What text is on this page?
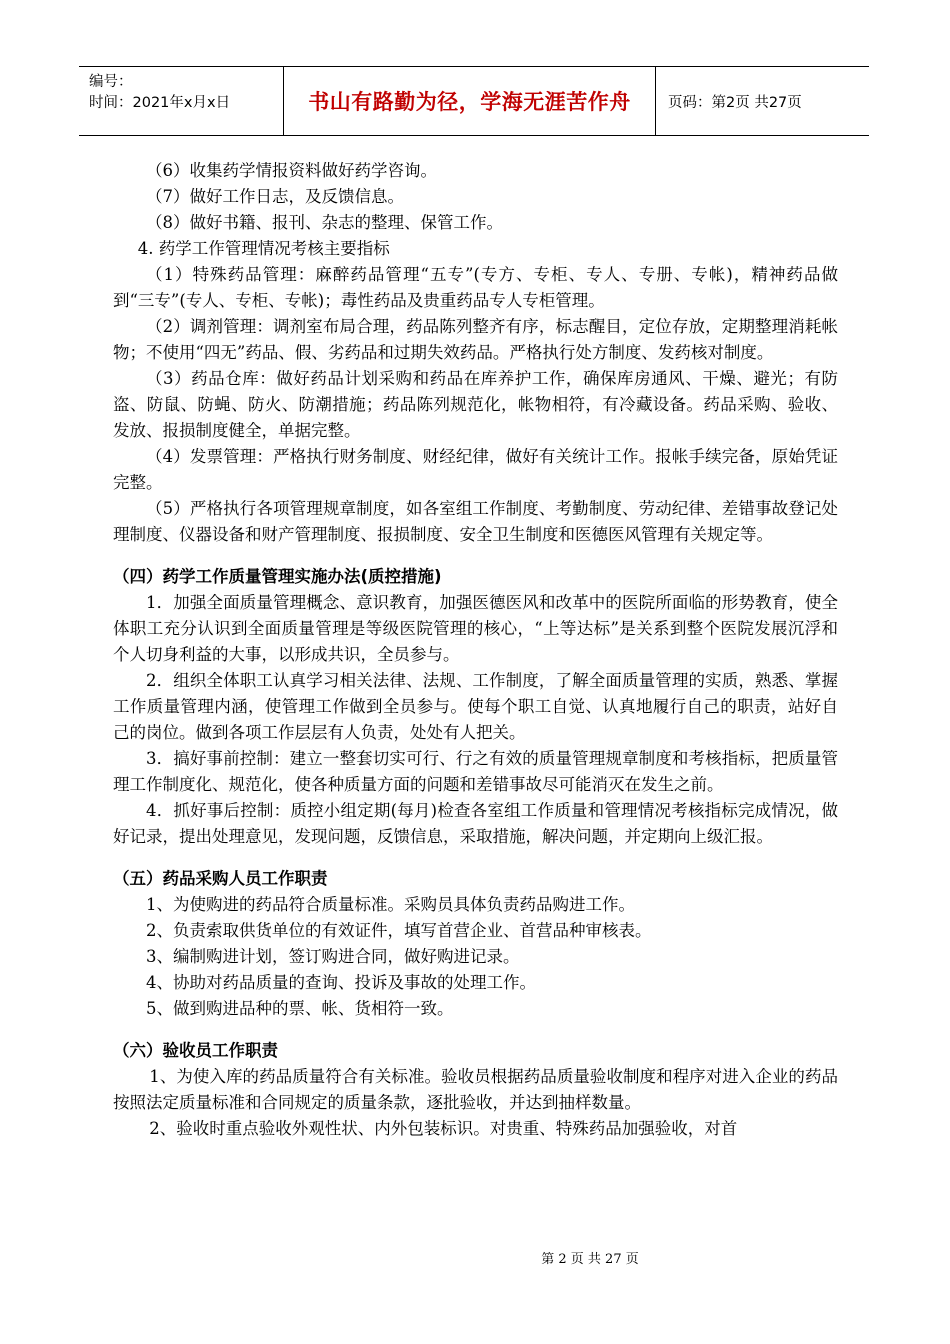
编号：
时间：2021年x月x日	书山有路勤为径，学海无涯苦作舟	页码：第2页 共27页

（6）收集药学情报资料做好药学咨询。

（7）做好工作日志，及反馈信息。

（8）做好书籍、报刊、杂志的整理、保管工作。

4. 药学工作管理情况考核主要指标

（1）特殊药品管理：麻醉药品管理“五专”(专方、专柜、专人、专册、专帐)，精神药品做到“三专”(专人、专柜、专帐)；毒性药品及贵重药品专人专柜管理。

（2）调剂管理：调剂室布局合理，药品陈列整齐有序，标志醒目，定位存放，定期整理消耗帐物；不使用“四无”药品、假、劣药品和过期失效药品。严格执行处方制度、发药核对制度。

（3）药品仓库：做好药品计划采购和药品在库养护工作，确保库房通风、干燥、避光；有防盗、防鼠、防蝇、防火、防潮措施；药品陈列规范化，帐物相符，有冷藏设备。药品采购、验收、发放、报损制度健全，单据完整。

（4）发票管理：严格执行财务制度、财经纪律，做好有关统计工作。报帐手续完备，原始凭证完整。

（5）严格执行各项管理规章制度，如各室组工作制度、考勤制度、劳动纪律、差错事故登记处理制度、仪器设备和财产管理制度、报损制度、安全卫生制度和医德医风管理有关规定等。

（四）药学工作质量管理实施办法(质控措施)

1．加强全面质量管理概念、意识教育，加强医德医风和改革中的医院所面临的形势教育，使全体职工充分认识到全面质量管理是等级医院管理的核心，“上等达标”是关系到整个医院发展沉浮和个人切身利益的大事，以形成共识，全员参与。

2．组织全体职工认真学习相关法律、法规、工作制度，了解全面质量管理的实质，熟悉、掌握工作质量管理内涵，使管理工作做到全员参与。使每个职工自觉、认真地履行自己的职责，站好自己的岗位。做到各项工作层层有人负责，处处有人把关。

3．搞好事前控制：建立一整套切实可行、行之有效的质量管理规章制度和考核指标，把质量管理工作制度化、规范化，使各种质量方面的问题和差错事故尽可能消灭在发生之前。

4．抓好事后控制：质控小组定期(每月)检查各室组工作质量和管理情况考核指标完成情况，做好记录，提出处理意见，发现问题，反馈信息，采取措施，解决问题，并定期向上级汇报。

（五）药品采购人员工作职责

1、为使购进的药品符合质量标准。采购员具体负责药品购进工作。

2、负责索取供货单位的有效证件，填写首营企业、首营品种审核表。

3、编制购进计划，签订购进合同，做好购进记录。

4、协助对药品质量的查询、投诉及事故的处理工作。

5、做到购进品种的票、帐、货相符一致。

（六）验收员工作职责

1、为使入库的药品质量符合有关标准。验收员根据药品质量验收制度和程序对进入企业的药品按照法定质量标准和合同规定的质量条款，逐批验收，并达到抽样数量。

2、验收时重点验收外观性状、内外包装标识。对贵重、特殊药品加强验收，对首

第 2 页 共 27 页
